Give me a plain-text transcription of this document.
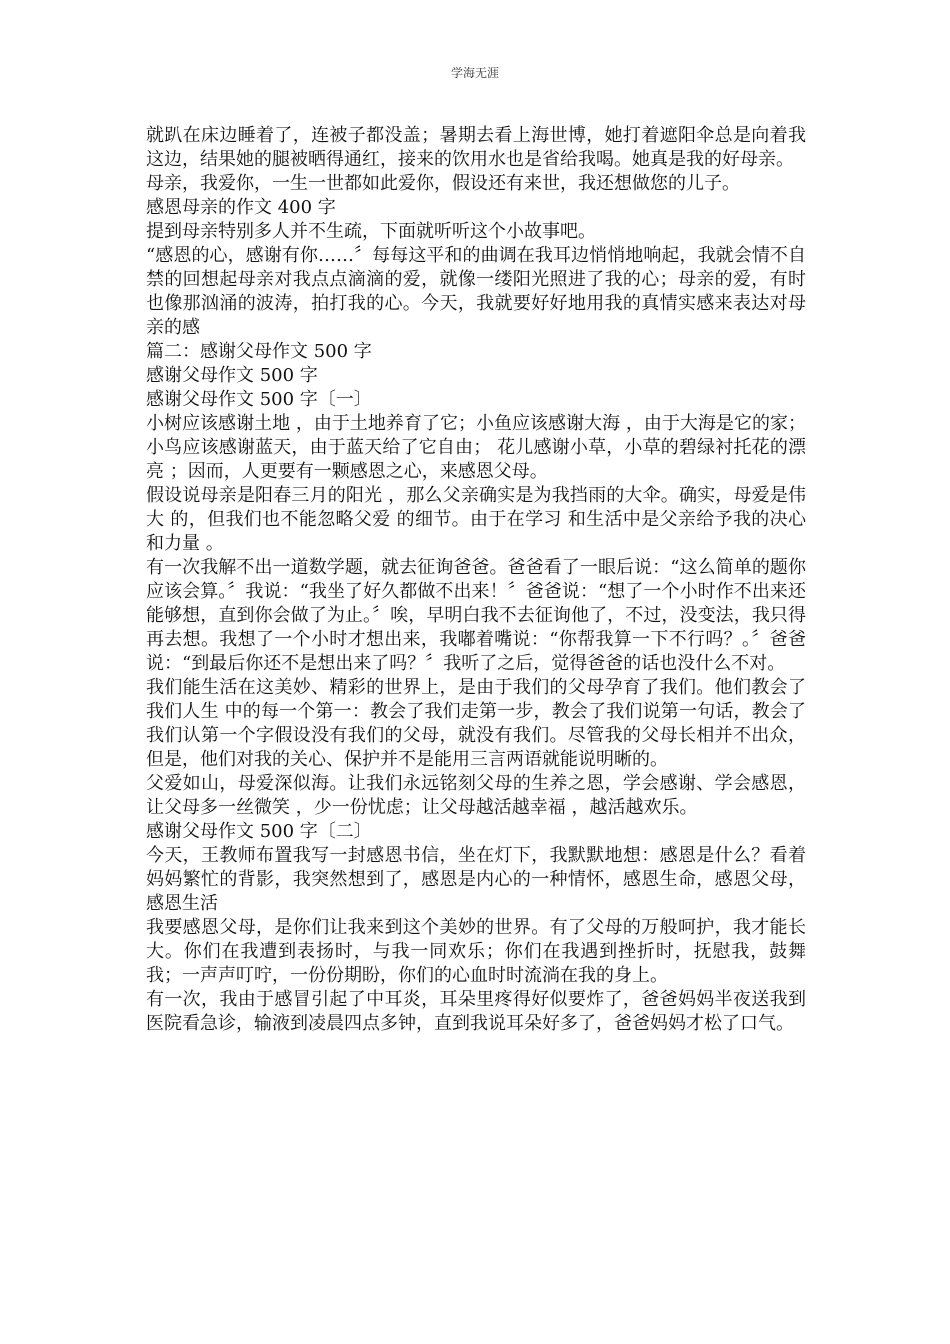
学海无涯

就趴在床边睡着了，连被子都没盖；暑期去看上海世博，她打着遮阳伞总是向着我这边，结果她的腿被晒得通红，接来的饮用水也是省给我喝。她真是我的好母亲。

母亲，我爱你，一生一世都如此爱你，假设还有来世，我还想做您的儿子。

感恩母亲的作文 400 字

提到母亲特别多人并不生疏，下面就听听这个小故事吧。

“感恩的心，感谢有你……〞每每这平和的曲调在我耳边悄悄地响起，我就会情不自禁的回想起母亲对我点点滴滴的爱，就像一缕阳光照进了我的心；母亲的爱，有时也像那汹涌的波涛，拍打我的心。今天，我就要好好地用我的真情实感来表达对母亲的感

篇二：感谢父母作文 500 字

感谢父母作文 500 字

感谢父母作文 500 字〔一〕

小树应该感谢土地 ，由于土地养育了它；小鱼应该感谢大海 ，由于大海是它的家；小鸟应该感谢蓝天，由于蓝天给了它自由； 花儿感谢小草，小草的碧绿衬托花的漂亮 ；因而，人更要有一颗感恩之心，来感恩父母。

假设说母亲是阳春三月的阳光 ，那么父亲确实是为我挡雨的大伞。确实，母爱是伟大 的，但我们也不能忽略父爱 的细节。由于在学习 和生活中是父亲给予我的决心和力量 。

有一次我解不出一道数学题，就去征询爸爸。爸爸看了一眼后说：“这么简单的题你应该会算。〞我说：“我坐了好久都做不出来！〞爸爸说：“想了一个小时作不出来还能够想，直到你会做了为止。〞唉，早明白我不去征询他了，不过，没变法，我只得再去想。我想了一个小时才想出来，我嘟着嘴说：“你帮我算一下不行吗？。〞爸爸说：“到最后你还不是想出来了吗？〞我听了之后，觉得爸爸的话也没什么不对。

我们能生活在这美妙、精彩的世界上，是由于我们的父母孕育了我们。他们教会了我们人生 中的每一个第一：教会了我们走第一步，教会了我们说第一句话，教会了我们认第一个字假设没有我们的父母，就没有我们。尽管我的父母长相并不出众，但是，他们对我的关心、保护并不是能用三言两语就能说明晰的。

父爱如山，母爱深似海。让我们永远铭刻父母的生养之恩，学会感谢、学会感恩，让父母多一丝微笑 ，少一份忧虑；让父母越活越幸福 ，越活越欢乐。

感谢父母作文 500 字〔二〕

今天，王教师布置我写一封感恩书信，坐在灯下，我默默地想：感恩是什么？看着妈妈繁忙的背影，我突然想到了，感恩是内心的一种情怀，感恩生命，感恩父母，感恩生活

我要感恩父母，是你们让我来到这个美妙的世界。有了父母的万般呵护，我才能长大。你们在我遭到表扬时，与我一同欢乐；你们在我遇到挫折时，抚慰我，鼓舞我；一声声叮咛，一份份期盼，你们的心血时时流淌在我的身上。

有一次，我由于感冒引起了中耳炎，耳朵里疼得好似要炸了，爸爸妈妈半夜送我到医院看急诊，输液到凌晨四点多钟，直到我说耳朵好多了，爸爸妈妈才松了口气。
